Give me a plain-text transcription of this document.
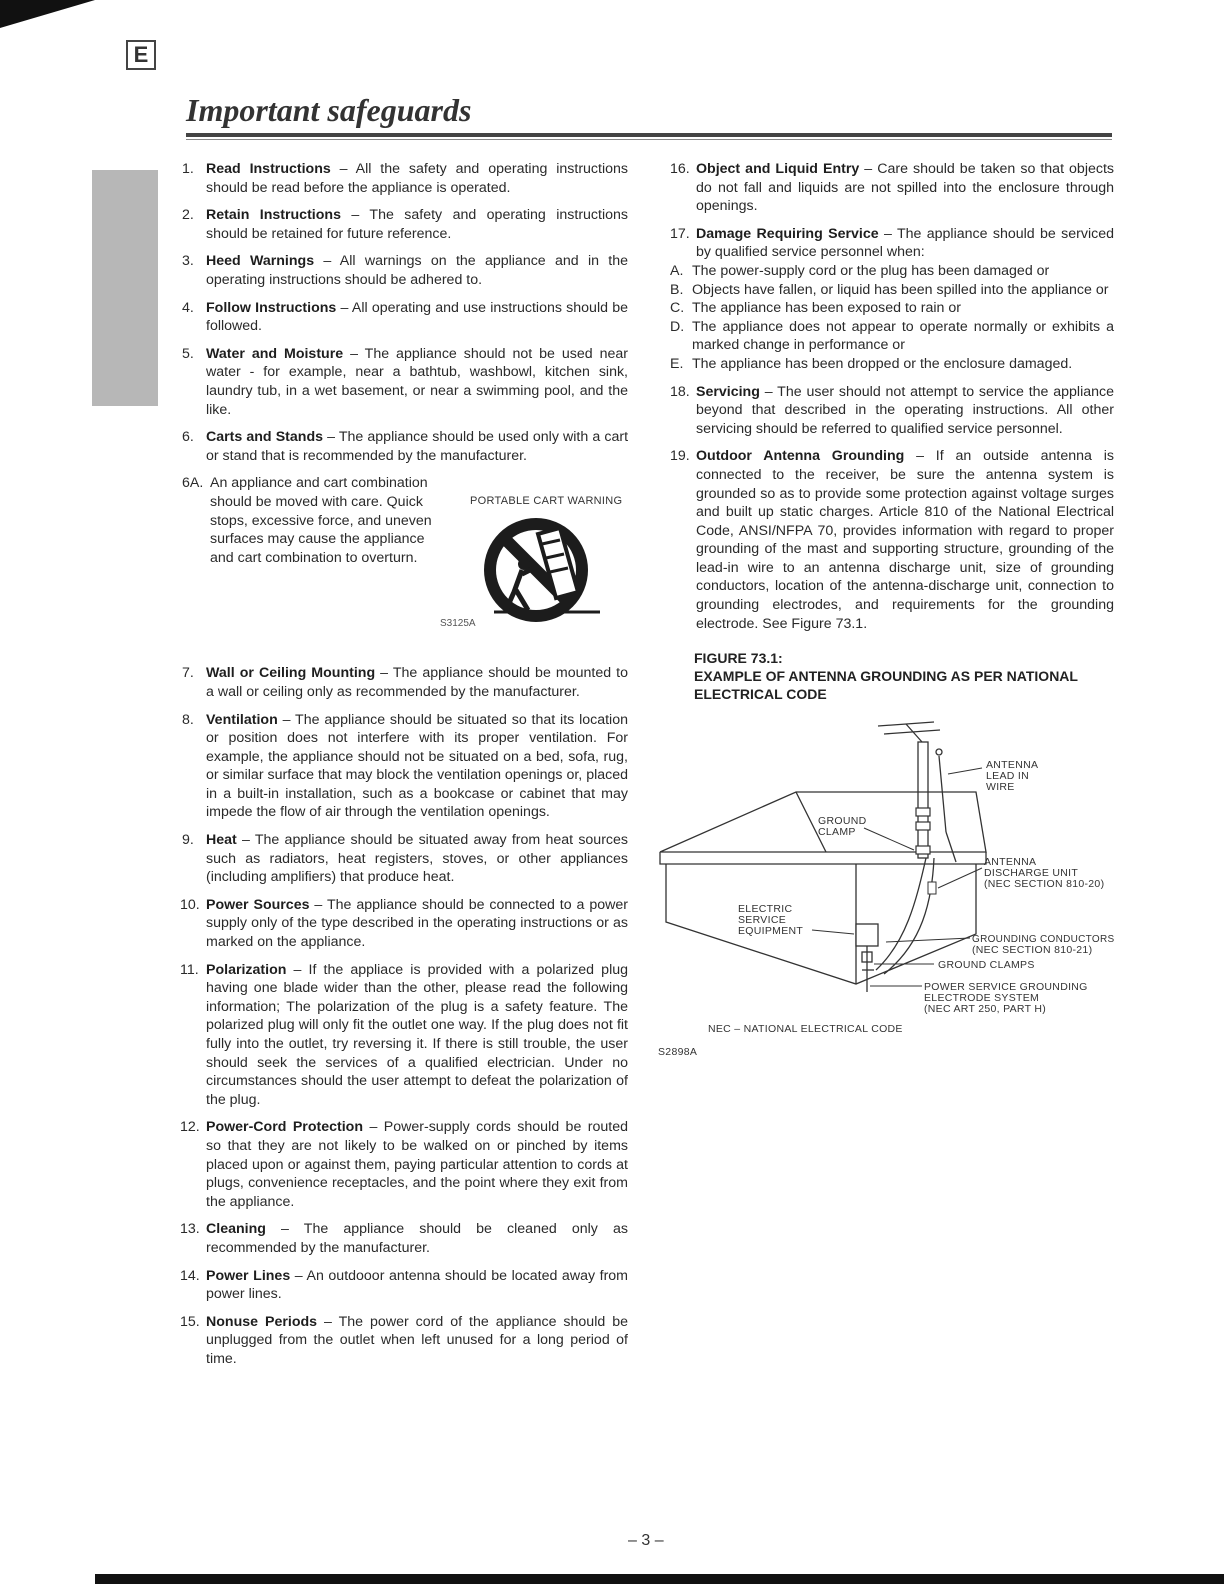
E
Important safeguards
1. Read Instructions – All the safety and operating instructions should be read before the appliance is operated.
2. Retain Instructions – The safety and operating instructions should be retained for future reference.
3. Heed Warnings – All warnings on the appliance and in the operating instructions should be adhered to.
4. Follow Instructions – All operating and use instructions should be followed.
5. Water and Moisture – The appliance should not be used near water - for example, near a bathtub, washbowl, kitchen sink, laundry tub, in a wet basement, or near a swimming pool, and the like.
6. Carts and Stands – The appliance should be used only with a cart or stand that is recommended by the manufacturer.
6A. An appliance and cart combination should be moved with care. Quick stops, excessive force, and uneven surfaces may cause the appliance and cart combination to overturn.
PORTABLE CART WARNING
S3125A
7. Wall or Ceiling Mounting – The appliance should be mounted to a wall or ceiling only as recommended by the manufacturer.
8. Ventilation – The appliance should be situated so that its location or position does not interfere with its proper ventilation. For example, the appliance should not be situated on a bed, sofa, rug, or similar surface that may block the ventilation openings or, placed in a built-in installation, such as a bookcase or cabinet that may impede the flow of air through the ventilation openings.
9. Heat – The appliance should be situated away from heat sources such as radiators, heat registers, stoves, or other appliances (including amplifiers) that produce heat.
10. Power Sources – The appliance should be connected to a power supply only of the type described in the operating instructions or as marked on the appliance.
11. Polarization – If the appliace is provided with a polarized plug having one blade wider than the other, please read the following information; The polarization of the plug is a safety feature. The polarized plug will only fit the outlet one way. If the plug does not fit fully into the outlet, try reversing it. If there is still trouble, the user should seek the services of a qualified electrician. Under no circumstances should the user attempt to defeat the polarization of the plug.
12. Power-Cord Protection – Power-supply cords should be routed so that they are not likely to be walked on or pinched by items placed upon or against them, paying particular attention to cords at plugs, convenience receptacles, and the point where they exit from the appliance.
13. Cleaning – The appliance should be cleaned only as recommended by the manufacturer.
14. Power Lines – An outdooor antenna should be located away from power lines.
15. Nonuse Periods – The power cord of the appliance should be unplugged from the outlet when left unused for a long period of time.
16. Object and Liquid Entry – Care should be taken so that objects do not fall and liquids are not spilled into the enclosure through openings.
17. Damage Requiring Service – The appliance should be serviced by qualified service personnel when:
A. The power-supply cord or the plug has been damaged or
B. Objects have fallen, or liquid has been spilled into the appliance or
C. The appliance has been exposed to rain or
D. The appliance does not appear to operate normally or exhibits a marked change in performance or
E. The appliance has been dropped or the enclosure damaged.
18. Servicing – The user should not attempt to service the appliance beyond that described in the operating instructions. All other servicing should be referred to qualified service personnel.
19. Outdoor Antenna Grounding – If an outside antenna is connected to the receiver, be sure the antenna system is grounded so as to provide some protection against voltage surges and built up static charges. Article 810 of the National Electrical Code, ANSI/NFPA 70, provides information with regard to proper grounding of the mast and supporting structure, grounding of the lead-in wire to an antenna discharge unit, size of grounding conductors, location of the antenna-discharge unit, connection to grounding electrodes, and requirements for the grounding electrode. See Figure 73.1.
FIGURE 73.1:
EXAMPLE OF ANTENNA GROUNDING AS PER NATIONAL ELECTRICAL CODE
ANTENNA
LEAD IN
WIRE
GROUND
CLAMP
ANTENNA
DISCHARGE UNIT
(NEC SECTION 810-20)
ELECTRIC
SERVICE
EQUIPMENT
GROUNDING CONDUCTORS
(NEC SECTION 810-21)
GROUND CLAMPS
POWER SERVICE GROUNDING
ELECTRODE SYSTEM
(NEC ART 250, PART H)
NEC – NATIONAL ELECTRICAL CODE
S2898A
– 3 –
